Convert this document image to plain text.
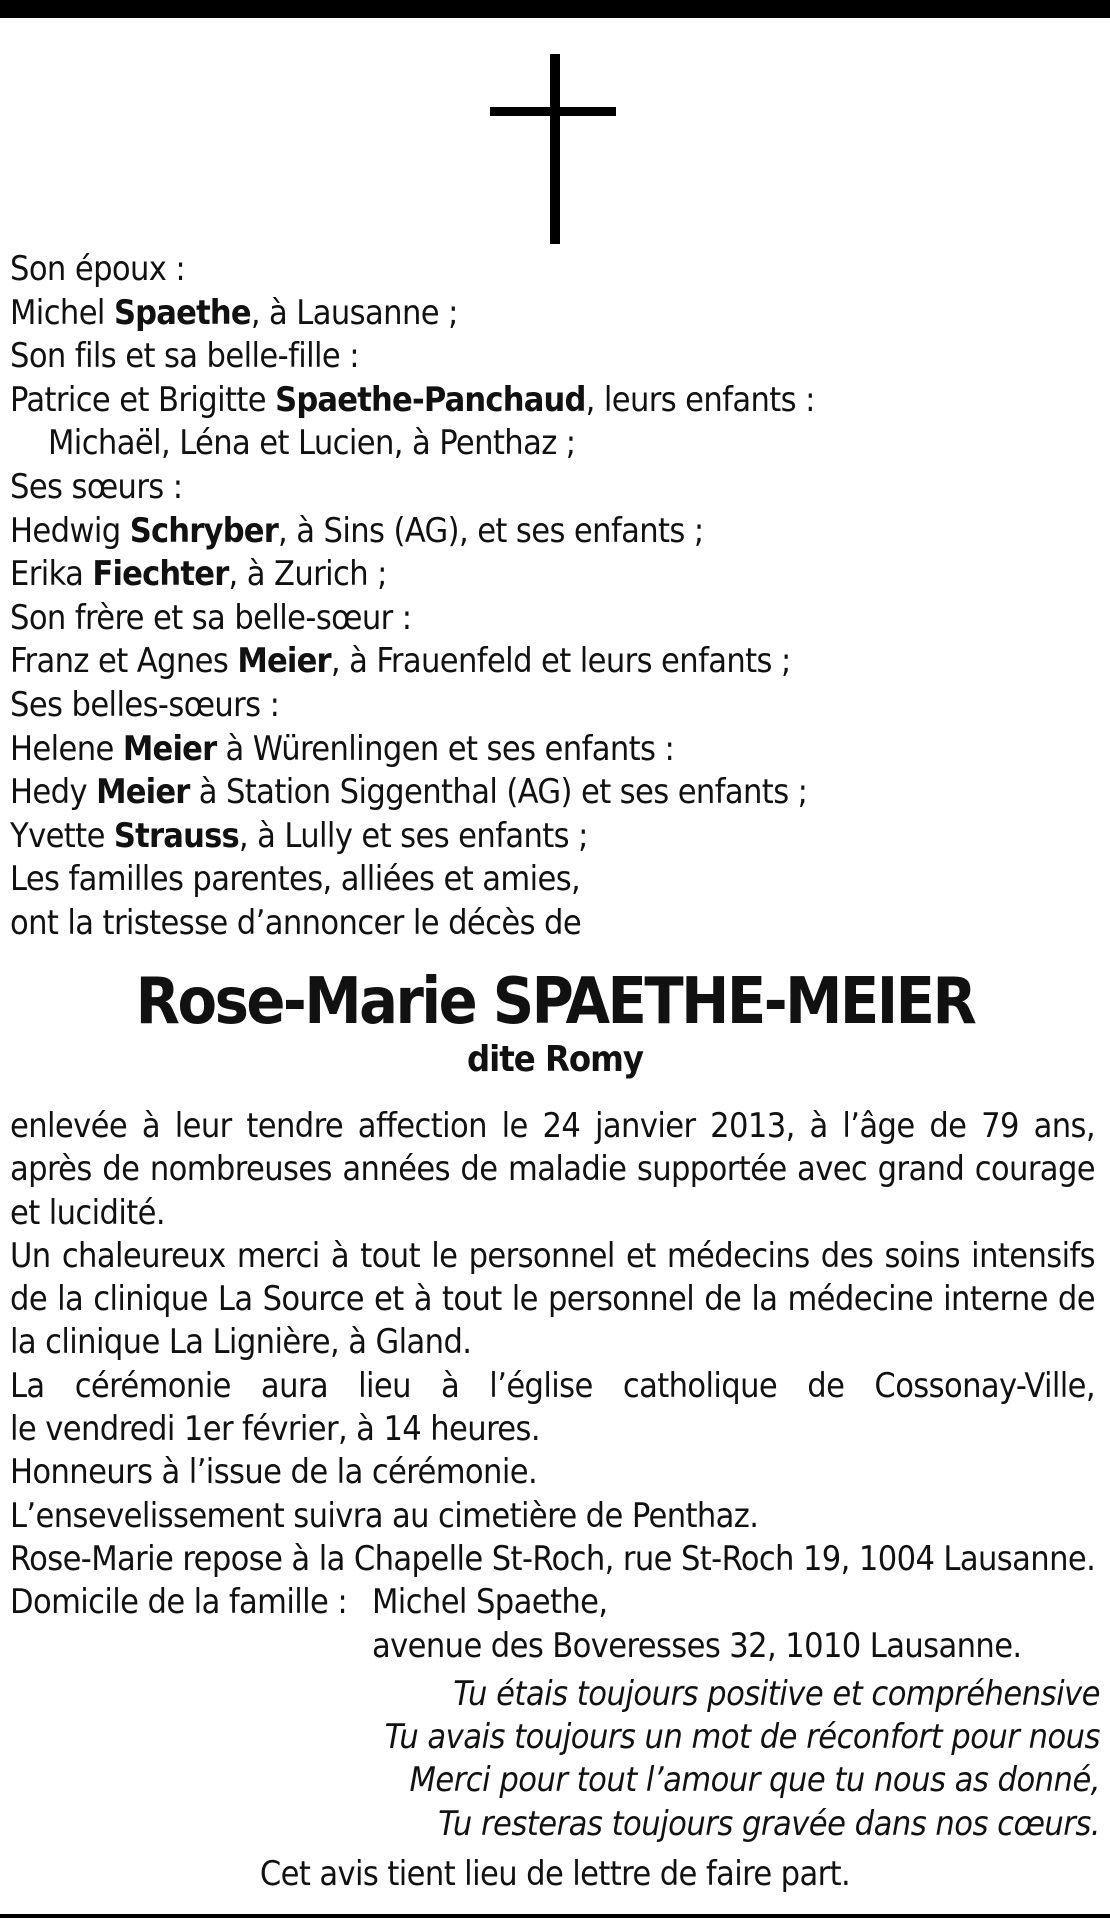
Son époux :
Michel Spaethe, à Lausanne ;
Son fils et sa belle-fille :
Patrice et Brigitte Spaethe-Panchaud, leurs enfants :
Michaël, Léna et Lucien, à Penthaz ;
Ses sœurs :
Hedwig Schryber, à Sins (AG), et ses enfants ;
Erika Fiechter, à Zurich ;
Son frère et sa belle-sœur :
Franz et Agnes Meier, à Frauenfeld et leurs enfants ;
Ses belles-sœurs :
Helene Meier à Würenlingen et ses enfants :
Hedy Meier à Station Siggenthal (AG) et ses enfants ;
Yvette Strauss, à Lully et ses enfants ;
Les familles parentes, alliées et amies,
ont la tristesse d’annoncer le décès de
Rose-Marie SPAETHE-MEIER
dite Romy
enlevée à leur tendre affection le 24 janvier 2013, à l’âge de 79 ans,
après de nombreuses années de maladie supportée avec grand courage
et lucidité.
Un chaleureux merci à tout le personnel et médecins des soins intensifs
de la clinique La Source et à tout le personnel de la médecine interne de
la clinique La Lignière, à Gland.
La cérémonie aura lieu à l’église catholique de Cossonay-Ville,
le vendredi 1er février, à 14 heures.
Honneurs à l’issue de la cérémonie.
L’ensevelissement suivra au cimetière de Penthaz.
Rose-Marie repose à la Chapelle St-Roch, rue St-Roch 19, 1004 Lausanne.
Domicile de la famille : Michel Spaethe,
avenue des Boveresses 32, 1010 Lausanne.
Tu étais toujours positive et compréhensive
Tu avais toujours un mot de réconfort pour nous
Merci pour tout l’amour que tu nous as donné,
Tu resteras toujours gravée dans nos cœurs.
Cet avis tient lieu de lettre de faire part.
